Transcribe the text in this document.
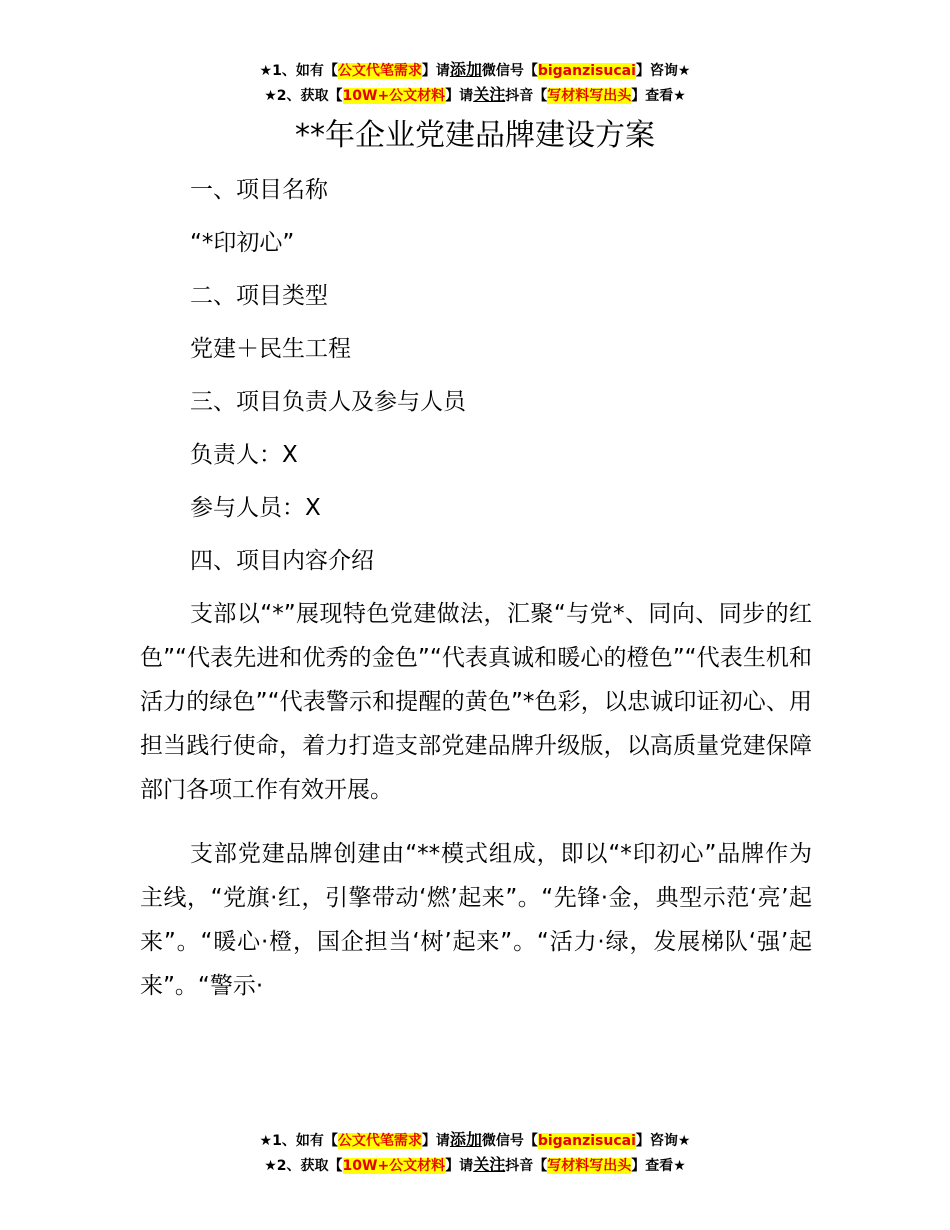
★1、如有【公文代笔需求】请添加微信号【biganzisucai】咨询★
★2、获取【10W+公文材料】请关注抖音【写材料写出头】查看★
**年企业党建品牌建设方案

一、项目名称

“*印初心”

二、项目类型

党建＋民生工程

三、项目负责人及参与人员

负责人：X

参与人员：X

四、项目内容介绍

支部以“*”展现特色党建做法，汇聚“与党*、同向、同步的红色”“代表先进和优秀的金色”“代表真诚和暖心的橙色”“代表生机和活力的绿色”“代表警示和提醒的黄色”*色彩，以忠诚印证初心、用担当践行使命，着力打造支部党建品牌升级版，以高质量党建保障部门各项工作有效开展。

支部党建品牌创建由“**模式组成，即以“*印初心”品牌作为主线，“党旗·红，引擎带动‘燃’起来”。“先锋·金，典型示范‘亮’起来”。“暖心·橙，国企担当‘树’起来”。“活力·绿，发展梯队‘强’起来”。“警示·

★1、如有【公文代笔需求】请添加微信号【biganzisucai】咨询★
★2、获取【10W+公文材料】请关注抖音【写材料写出头】查看★
